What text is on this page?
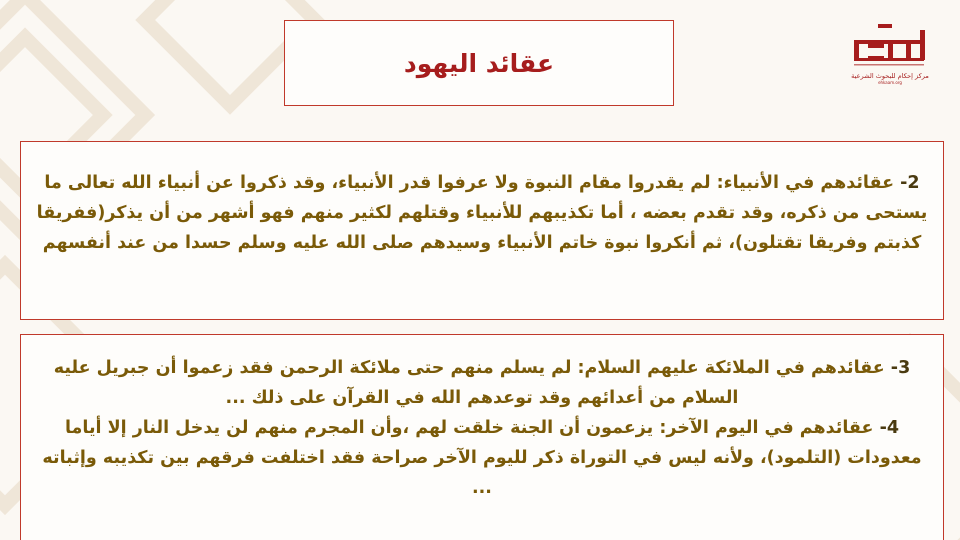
عقائد اليهود	مركز إحكام للبحوث الشرعية
ehkaam.org

2- عقائدهم في الأنبياء: لم يقدروا مقام النبوة ولا عرفوا قدر الأنبياء، وقد ذكروا عن أنبياء الله تعالى ما يستحى من ذكره، وقد تقدم بعضه ، أما تكذيبهم للأنبياء وقتلهم لكثير منهم فهو أشهر من أن يذكر(ففريقا كذبتم وفريقا تقتلون)، ثم أنكروا نبوة خاتم الأنبياء وسيدهم صلى الله عليه وسلم حسدا من عند أنفسهم

3- عقائدهم في الملائكة عليهم السلام: لم يسلم منهم حتى ملائكة الرحمن فقد زعموا أن جبريل عليه السلام من أعدائهم وقد توعدهم الله في القرآن على ذلك ...

4- عقائدهم في اليوم الآخر: يزعمون أن الجنة خلقت لهم ،وأن المجرم منهم لن يدخل النار إلا أياما معدودات (التلمود)، ولأنه ليس في التوراة ذكر لليوم الآخر صراحة فقد اختلفت فرقهم بين تكذيبه وإثباته ...
